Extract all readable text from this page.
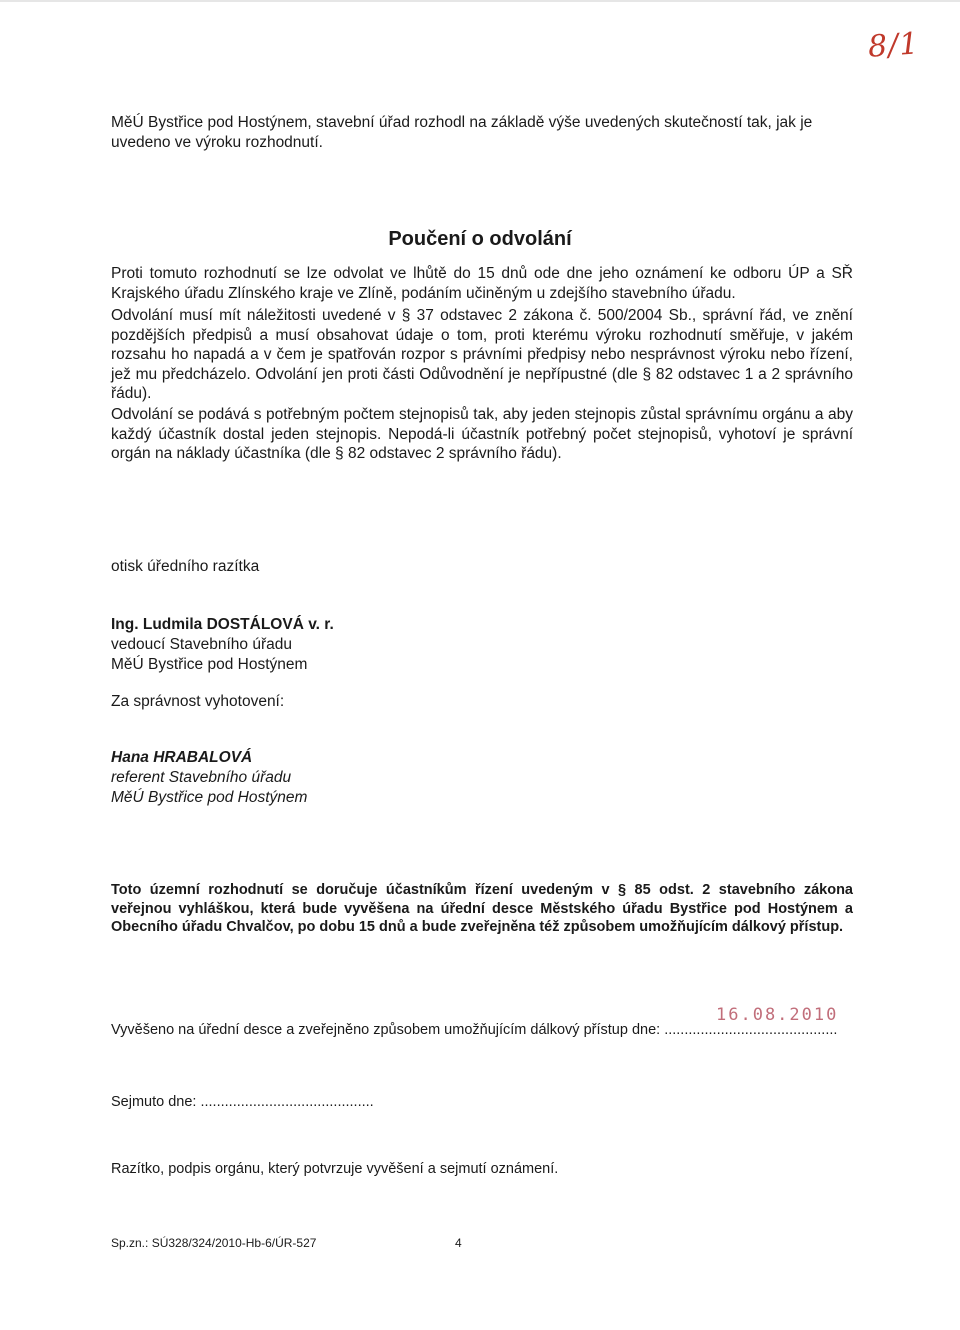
8/1

MěÚ Bystřice pod Hostýnem, stavební úřad rozhodl na základě výše uvedených skutečností tak, jak je uvedeno ve výroku rozhodnutí.

Poučení o odvolání

Proti tomuto rozhodnutí se lze odvolat ve lhůtě do 15 dnů ode dne jeho oznámení ke odboru ÚP a SŘ Krajského úřadu Zlínského kraje ve Zlíně, podáním učiněným u zdejšího stavebního úřadu.

Odvolání musí mít náležitosti uvedené v § 37 odstavec 2 zákona č. 500/2004 Sb., správní řád, ve znění pozdějších předpisů a musí obsahovat údaje o tom, proti kterému výroku rozhodnutí směřuje, v jakém rozsahu ho napadá a v čem je spatřován rozpor s právními předpisy nebo nesprávnost výroku nebo řízení, jež mu předcházelo. Odvolání jen proti části Odůvodnění je nepřípustné (dle § 82 odstavec 1 a 2 správního řádu).

Odvolání se podává s potřebným počtem stejnopisů tak, aby jeden stejnopis zůstal správnímu orgánu a aby každý účastník dostal jeden stejnopis. Nepodá-li účastník potřebný počet stejnopisů, vyhotoví je správní orgán na náklady účastníka (dle § 82 odstavec 2 správního řádu).

otisk úředního razítka

Ing. Ludmila DOSTÁLOVÁ v. r.
vedoucí Stavebního úřadu
MěÚ Bystřice pod Hostýnem

Za správnost vyhotovení:

Hana HRABALOVÁ
referent Stavebního úřadu
MěÚ Bystřice pod Hostýnem

Toto územní rozhodnutí se doručuje účastníkům řízení uvedeným v § 85 odst. 2 stavebního zákona veřejnou vyhláškou, která bude vyvěšena na úřední desce Městského úřadu Bystřice pod Hostýnem a Obecního úřadu Chvalčov, po dobu 15 dnů a bude zveřejněna též způsobem umožňujícím dálkový přístup.

16.08.2010

Vyvěšeno na úřední desce a zveřejněno způsobem umožňujícím dálkový přístup dne: ...........................................

Sejmuto dne: ...........................................

Razítko, podpis orgánu, který potvrzuje vyvěšení a sejmutí oznámení.

Sp.zn.: SÚ328/324/2010-Hb-6/ÚR-527	4
